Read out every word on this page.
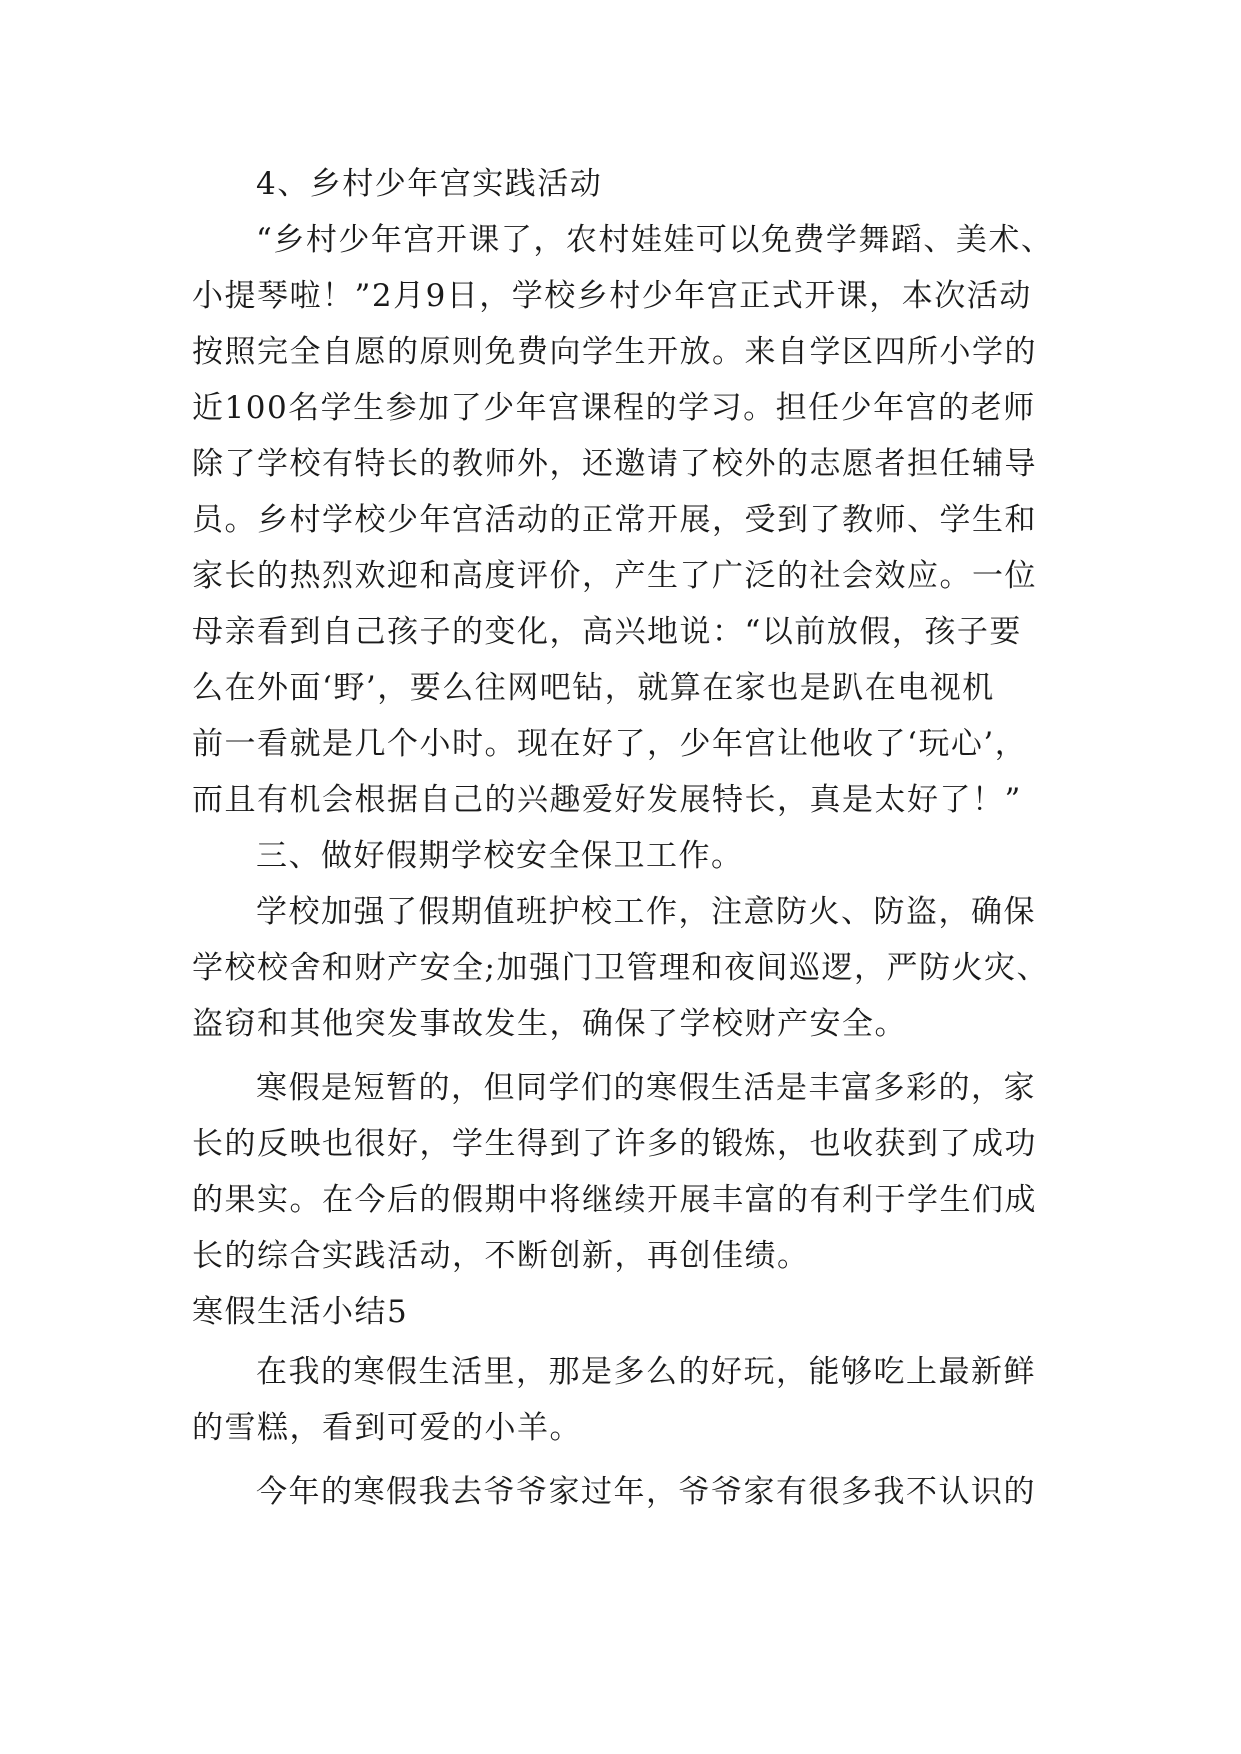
4、乡村少年宫实践活动
“乡村少年宫开课了，农村娃娃可以免费学舞蹈、美术、
小提琴啦！”2月9日，学校乡村少年宫正式开课，本次活动
按照完全自愿的原则免费向学生开放。来自学区四所小学的
近100名学生参加了少年宫课程的学习。担任少年宫的老师
除了学校有特长的教师外，还邀请了校外的志愿者担任辅导
员。乡村学校少年宫活动的正常开展，受到了教师、学生和
家长的热烈欢迎和高度评价，产生了广泛的社会效应。一位
母亲看到自己孩子的变化，高兴地说：“以前放假，孩子要
么在外面‘野’，要么往网吧钻，就算在家也是趴在电视机
前一看就是几个小时。现在好了，少年宫让他收了‘玩心’，
而且有机会根据自己的兴趣爱好发展特长，真是太好了！”
三、做好假期学校安全保卫工作。
学校加强了假期值班护校工作，注意防火、防盗，确保
学校校舍和财产安全;加强门卫管理和夜间巡逻，严防火灾、
盗窃和其他突发事故发生，确保了学校财产安全。
寒假是短暂的，但同学们的寒假生活是丰富多彩的，家
长的反映也很好，学生得到了许多的锻炼，也收获到了成功
的果实。在今后的假期中将继续开展丰富的有利于学生们成
长的综合实践活动，不断创新，再创佳绩。
寒假生活小结5
在我的寒假生活里，那是多么的好玩，能够吃上最新鲜
的雪糕，看到可爱的小羊。
今年的寒假我去爷爷家过年，爷爷家有很多我不认识的
